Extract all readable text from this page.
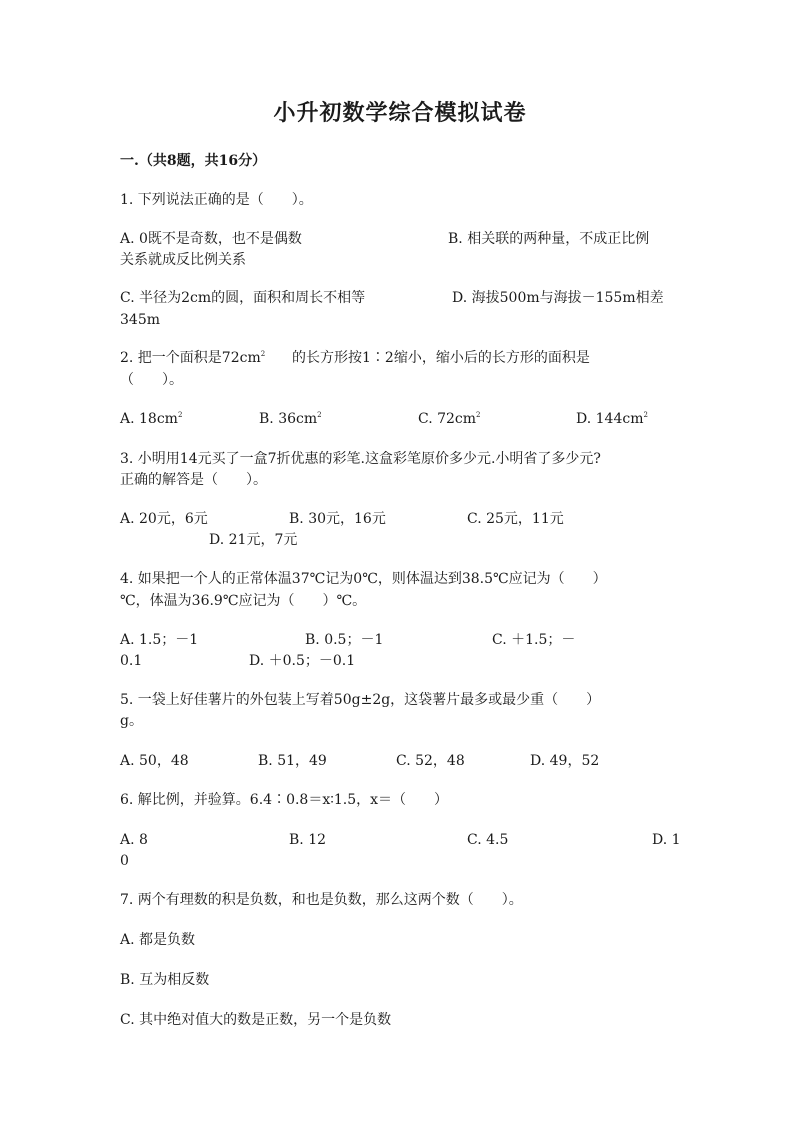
小升初数学综合模拟试卷
一.（共8题，共16分）
1. 下列说法正确的是（　　）。
A. 0既不是奇数，也不是偶数	B. 相关联的两种量，不成正比例
关系就成反比例关系
C. 半径为2cm的圆，面积和周长不相等	D. 海拔500m与海拔－155m相差
345m
2. 把一个面积是$72cm^2$ 的长方形按1∶2缩小，缩小后的长方形的面积是
（　　）。
A. $18cm^2$	B. $36cm^2$	C. $72cm^2$	D. $144cm^2$
3. 小明用14元买了一盒7折优惠的彩笔.这盒彩笔原价多少元.小明省了多少元?
正确的解答是（　　）。
A. 20元，6元	B. 30元，16元	C. 25元，11元
D. 21元，7元
4. 如果把一个人的正常体温37℃记为0℃，则体温达到38.5℃应记为（　　）
℃，体温为36.9℃应记为（　　）℃。
A. 1.5；－1	B. 0.5；－1	C. ＋1.5；－
0.1	D. ＋0.5；－0.1
5. 一袋上好佳薯片的外包装上写着50g±2g，这袋薯片最多或最少重（　　）
g。
A. 50，48	B. 51，49	C. 52，48	D. 49，52
6. 解比例，并验算。6.4∶0.8＝x∶1.5，x＝（　　）
A. 8	B. 12	C. 4.5	D. 1
0
7. 两个有理数的积是负数，和也是负数，那么这两个数（　　）。
A. 都是负数
B. 互为相反数
C. 其中绝对值大的数是正数，另一个是负数
